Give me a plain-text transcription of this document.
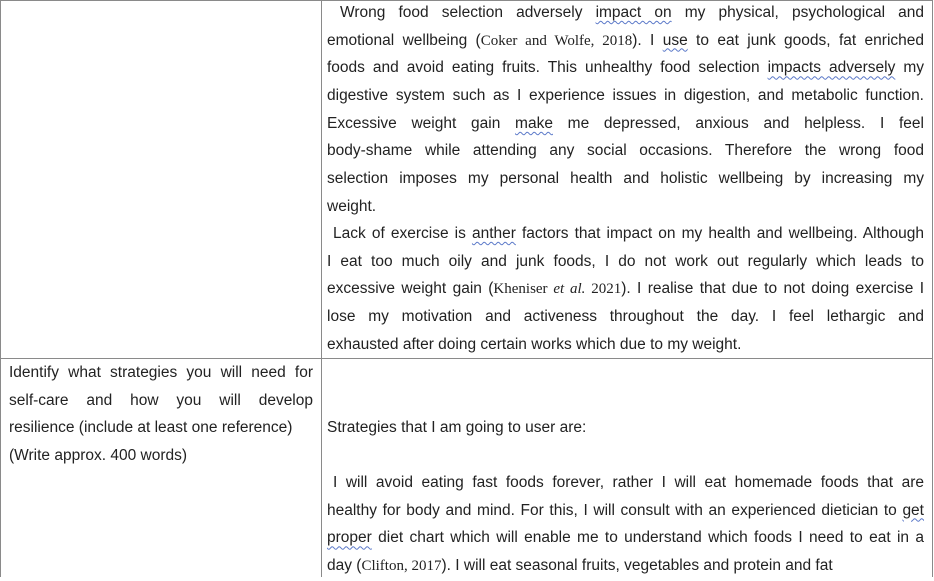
Wrong food selection adversely impact on my physical, psychological and
emotional wellbeing (Coker and Wolfe, 2018). I use to eat junk goods, fat enriched
foods and avoid eating fruits. This unhealthy food selection impacts adversely my
digestive system such as I experience issues in digestion, and metabolic function.
Excessive weight gain make me depressed, anxious and helpless. I feel
body-shame while attending any social occasions. Therefore the wrong food
selection imposes my personal health and holistic wellbeing by increasing my
weight.
Lack of exercise is anther factors that impact on my health and wellbeing. Although
I eat too much oily and junk foods, I do not work out regularly which leads to
excessive weight gain (Kheniser et al. 2021). I realise that due to not doing exercise I
lose my motivation and activeness throughout the day. I feel lethargic and
exhausted after doing certain works which due to my weight.
Identify what strategies you will need for
self-care and how you will develop
resilience (include at least one reference)
(Write approx. 400 words)
Strategies that I am going to user are:
I will avoid eating fast foods forever, rather I will eat homemade foods that are
healthy for body and mind. For this, I will consult with an experienced dietician to get
proper diet chart which will enable me to understand which foods I need to eat in a
day (Clifton, 2017). I will eat seasonal fruits, vegetables and protein and fat
